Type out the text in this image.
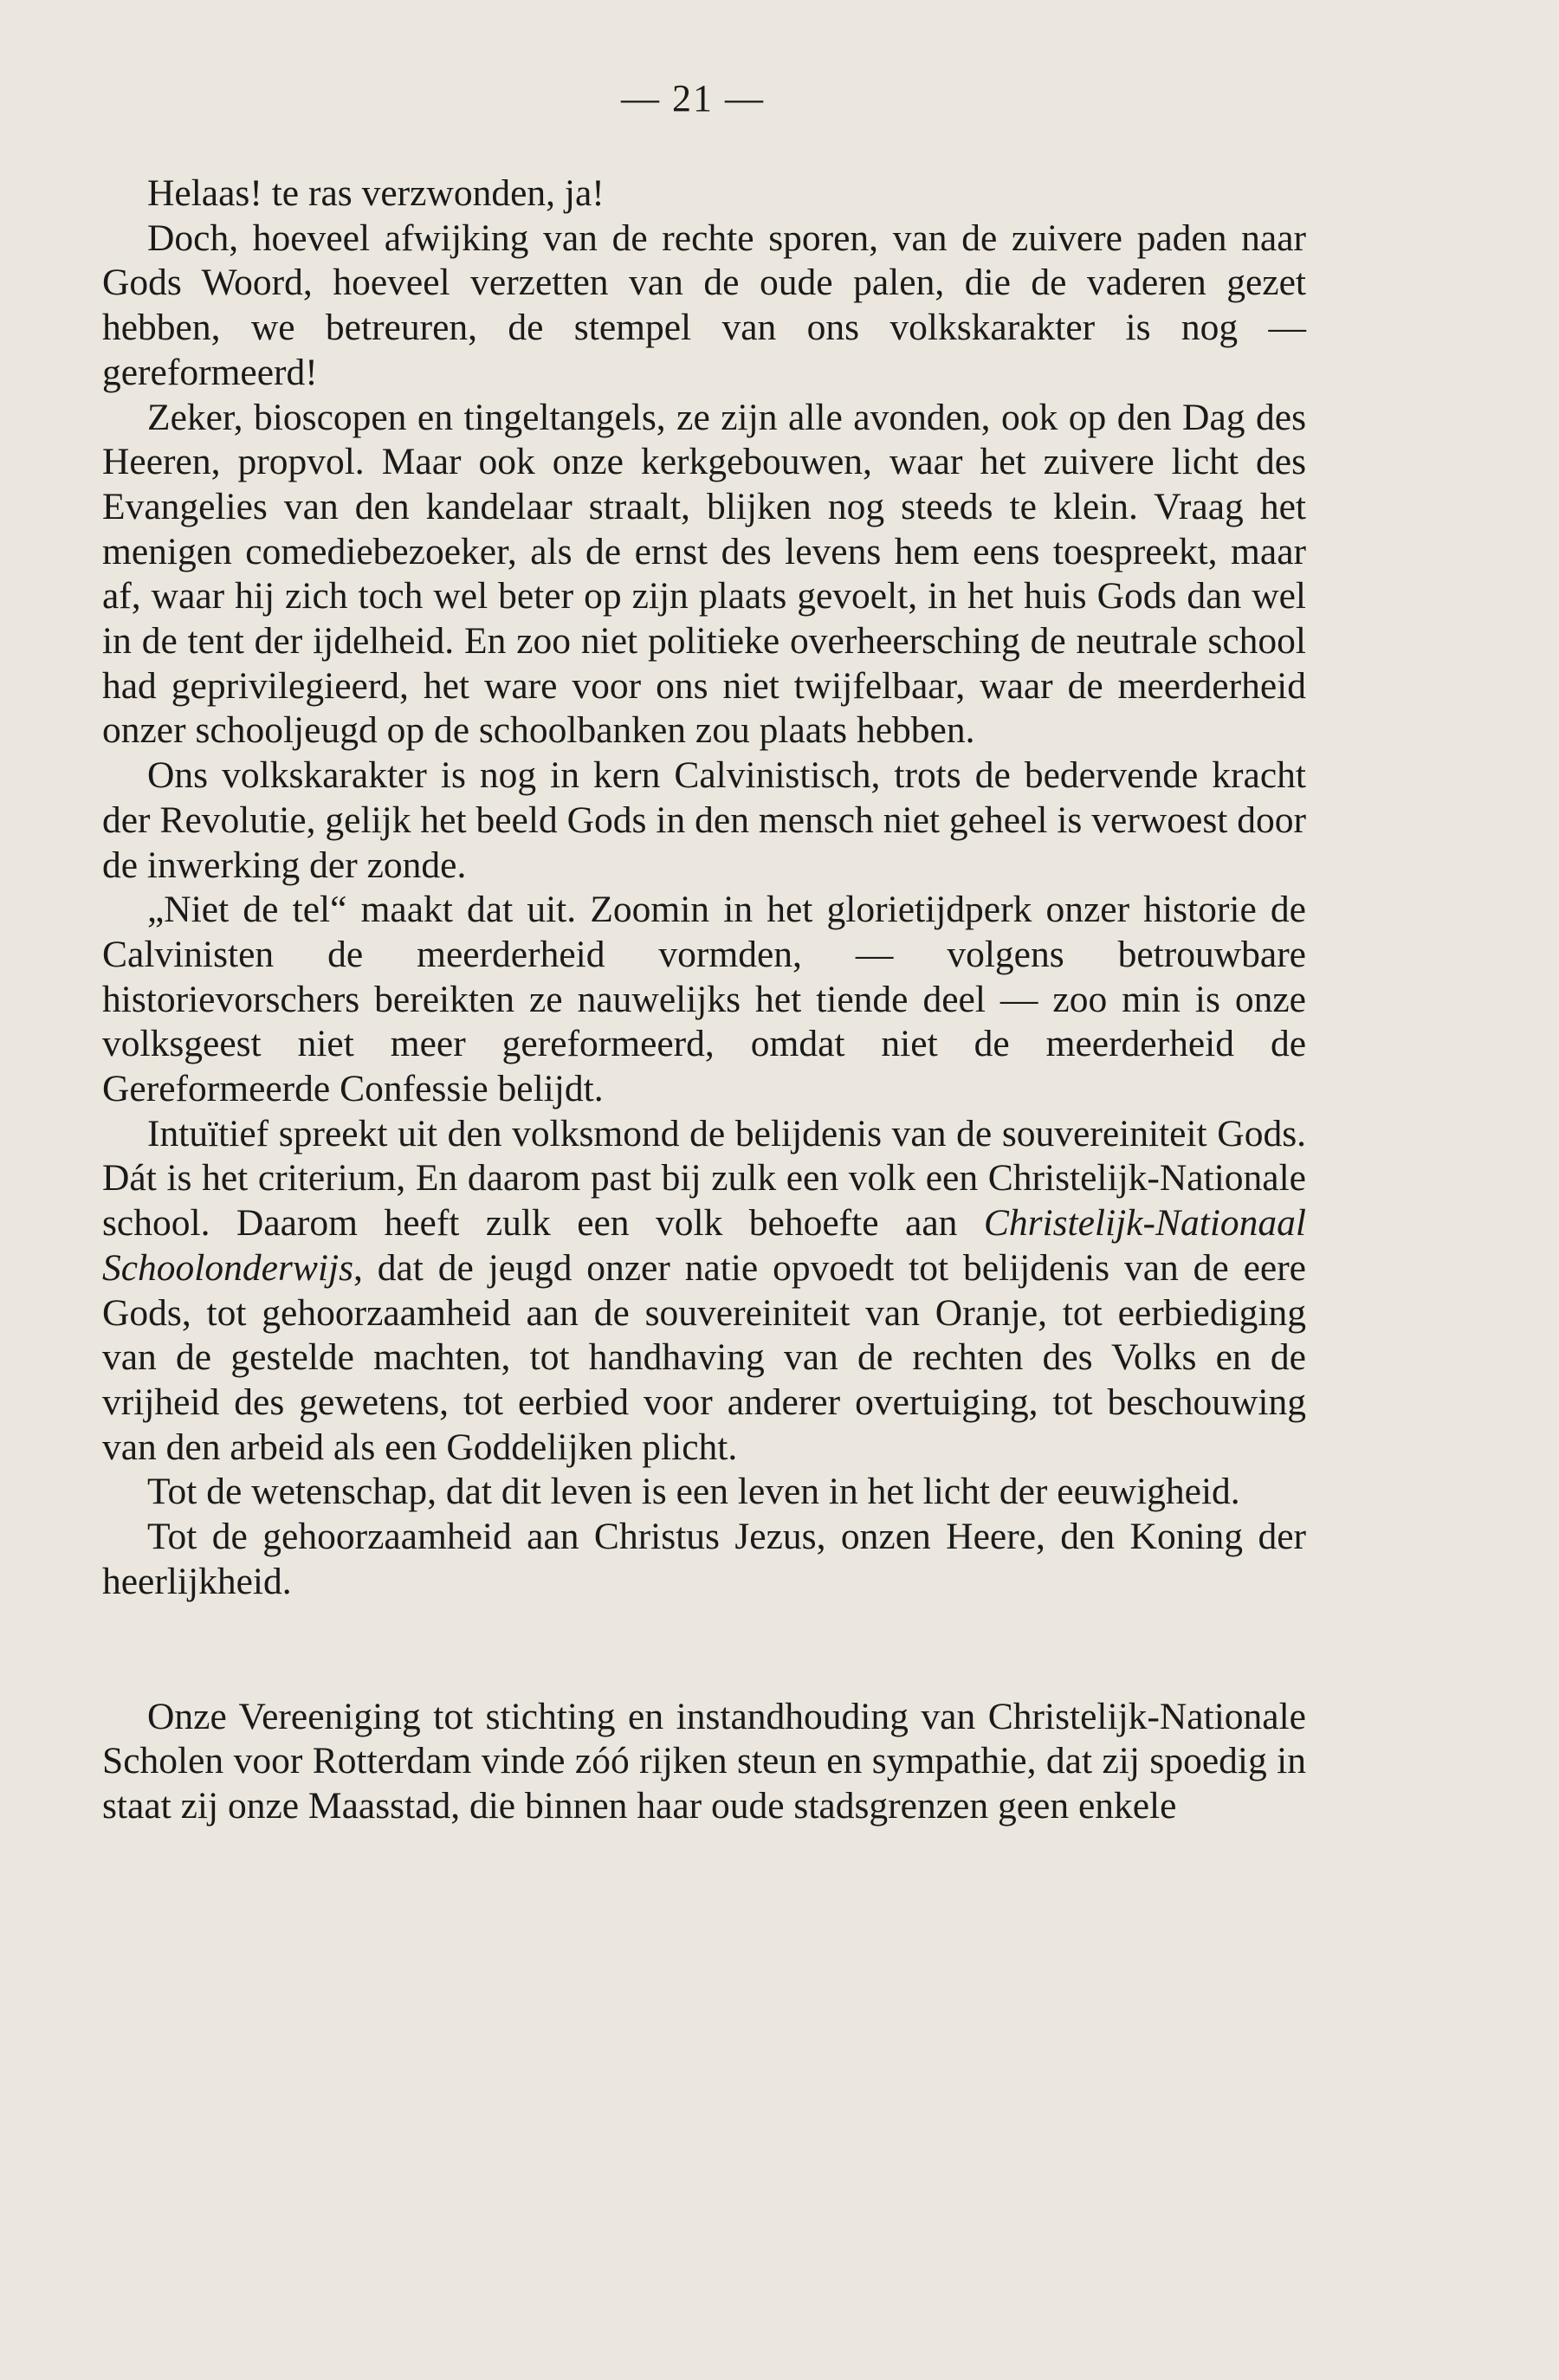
— 21 —

Helaas! te ras verzwonden, ja!

Doch, hoeveel afwijking van de rechte sporen, van de zuivere paden naar Gods Woord, hoeveel verzetten van de oude palen, die de vaderen gezet hebben, we betreuren, de stempel van ons volkskarakter is nog — gereformeerd!

Zeker, bioscopen en tingeltangels, ze zijn alle avonden, ook op den Dag des Heeren, propvol. Maar ook onze kerkgebouwen, waar het zuivere licht des Evangelies van den kandelaar straalt, blijken nog steeds te klein. Vraag het menigen comediebezoeker, als de ernst des levens hem eens toespreekt, maar af, waar hij zich toch wel beter op zijn plaats gevoelt, in het huis Gods dan wel in de tent der ijdelheid. En zoo niet politieke overheersching de neutrale school had geprivilegieerd, het ware voor ons niet twijfelbaar, waar de meerderheid onzer schooljeugd op de schoolbanken zou plaats hebben.

Ons volkskarakter is nog in kern Calvinistisch, trots de bedervende kracht der Revolutie, gelijk het beeld Gods in den mensch niet geheel is verwoest door de inwerking der zonde.

„Niet de tel“ maakt dat uit. Zoomin in het glorietijdperk onzer historie de Calvinisten de meerderheid vormden, — volgens betrouwbare historievorschers bereikten ze nauwelijks het tiende deel — zoo min is onze volksgeest niet meer gereformeerd, omdat niet de meerderheid de Gereformeerde Confessie belijdt.

Intuïtief spreekt uit den volksmond de belijdenis van de souvereiniteit Gods. Dát is het criterium, En daarom past bij zulk een volk een Christelijk-Nationale school. Daarom heeft zulk een volk behoefte aan Christelijk-Nationaal Schoolonderwijs, dat de jeugd onzer natie opvoedt tot belijdenis van de eere Gods, tot gehoorzaamheid aan de souvereiniteit van Oranje, tot eerbiediging van de gestelde machten, tot handhaving van de rechten des Volks en de vrijheid des gewetens, tot eerbied voor anderer overtuiging, tot beschouwing van den arbeid als een Goddelijken plicht.

Tot de wetenschap, dat dit leven is een leven in het licht der eeuwigheid.

Tot de gehoorzaamheid aan Christus Jezus, onzen Heere, den Koning der heerlijkheid.

Onze Vereeniging tot stichting en instandhouding van Christelijk-Nationale Scholen voor Rotterdam vinde zóó rijken steun en sympathie, dat zij spoedig in staat zij onze Maasstad, die binnen haar oude stadsgrenzen geen enkele
